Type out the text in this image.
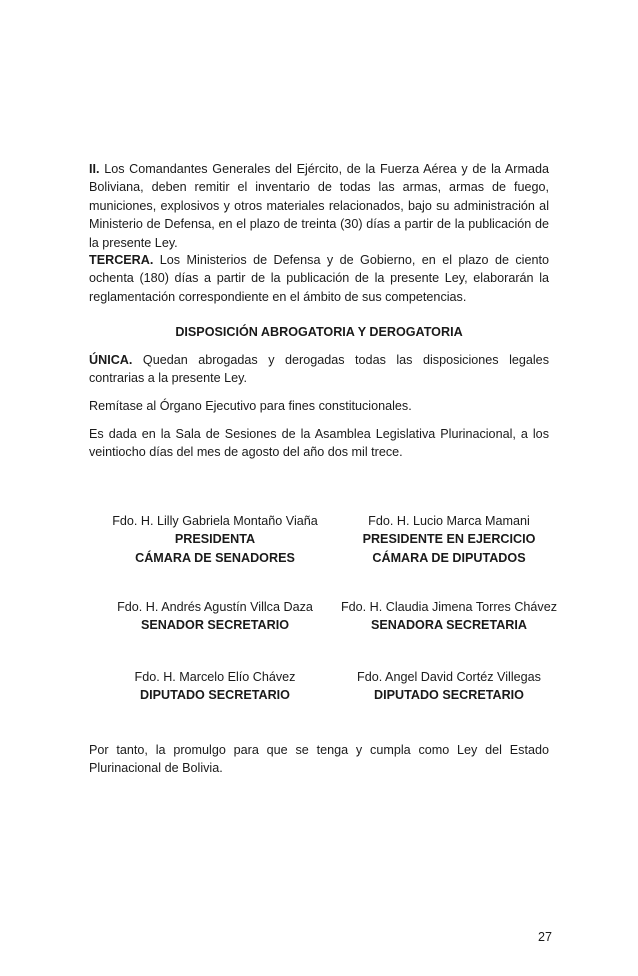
II. Los Comandantes Generales del Ejército, de la Fuerza Aérea y de la Armada Boliviana, deben remitir el inventario de todas las armas, armas de fuego, municiones, explosivos y otros materiales relacionados, bajo su administración al Ministerio de Defensa, en el plazo de treinta (30) días a partir de la publicación de la presente Ley.

TERCERA. Los Ministerios de Defensa y de Gobierno, en el plazo de ciento ochenta (180) días a partir de la publicación de la presente Ley, elaborarán la reglamentación correspondiente en el ámbito de sus competencias.

DISPOSICIÓN ABROGATORIA Y DEROGATORIA

ÚNICA. Quedan abrogadas y derogadas todas las disposiciones legales contrarias a la presente Ley.

Remítase al Órgano Ejecutivo para fines constitucionales.

Es dada en la Sala de Sesiones de la Asamblea Legislativa Plurinacional, a los veintiocho días del mes de agosto del año dos mil trece.

Fdo. H. Lilly Gabriela Montaño Viaña
PRESIDENTA
CÁMARA DE SENADORES
Fdo. H. Lucio Marca Mamani
PRESIDENTE EN EJERCICIO
CÁMARA DE DIPUTADOS
Fdo. H. Andrés Agustín Villca Daza
SENADOR SECRETARIO
Fdo. H. Claudia Jimena Torres Chávez
SENADORA SECRETARIA
Fdo. H. Marcelo Elío Chávez
DIPUTADO SECRETARIO
Fdo. Angel David Cortéz Villegas
DIPUTADO SECRETARIO

Por tanto, la promulgo para que se tenga y cumpla como Ley del Estado Plurinacional de Bolivia.

27
